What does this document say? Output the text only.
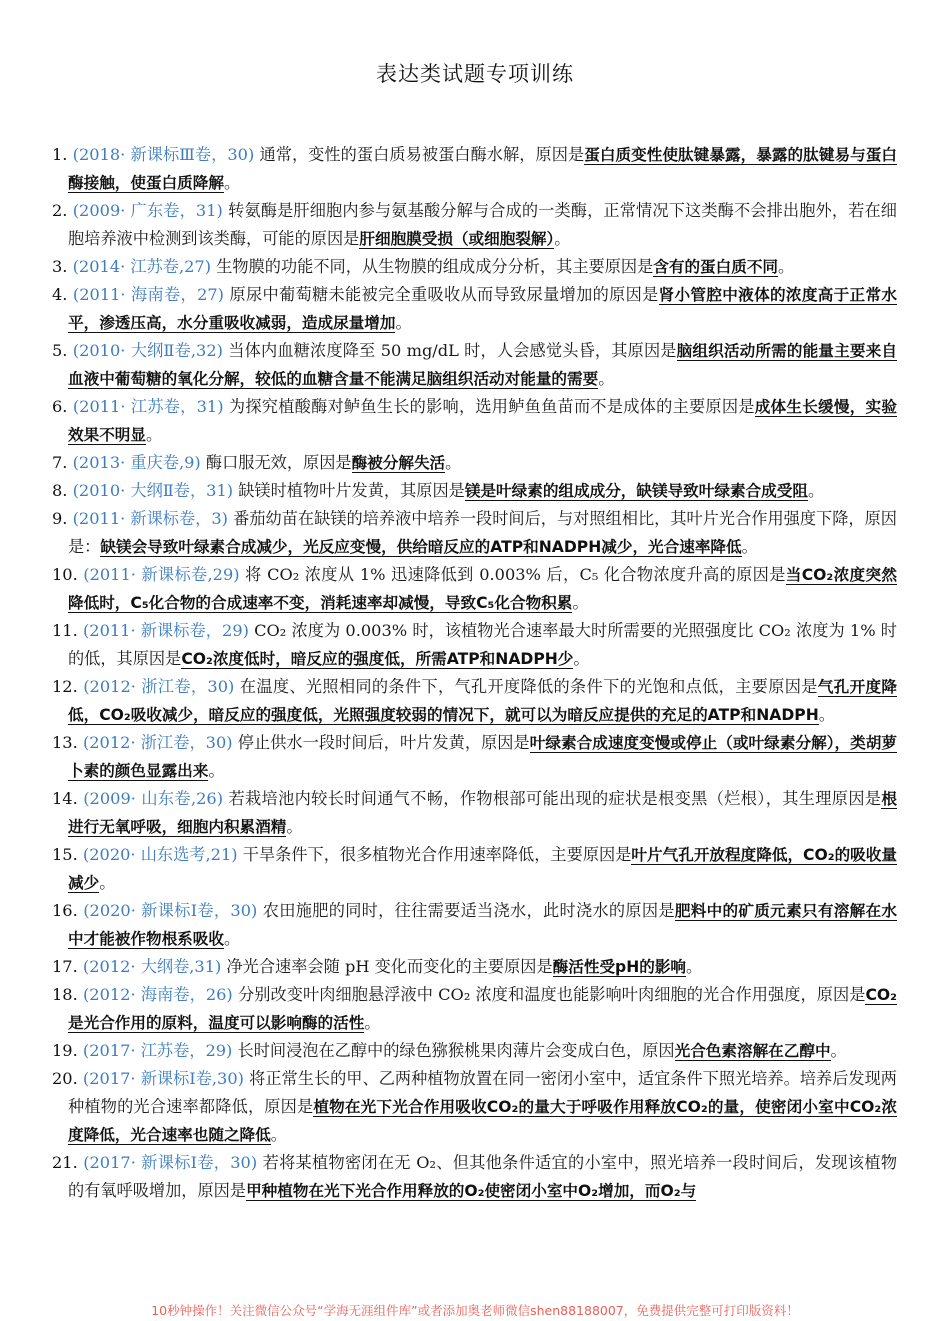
表达类试题专项训练
1. (2018· 新课标Ⅲ卷，30) 通常，变性的蛋白质易被蛋白酶水解，原因是蛋白质变性使肽键暴露，暴露的肽键易与蛋白酶接触，使蛋白质降解。
2. (2009· 广东卷，31) 转氨酶是肝细胞内参与氨基酸分解与合成的一类酶，正常情况下这类酶不会排出胞外，若在细胞培养液中检测到该类酶，可能的原因是肝细胞膜受损（或细胞裂解）。
3. (2014· 江苏卷,27) 生物膜的功能不同，从生物膜的组成成分分析，其主要原因是含有的蛋白质不同。
4. (2011· 海南卷，27) 原尿中葡萄糖未能被完全重吸收从而导致尿量增加的原因是肾小管腔中液体的浓度高于正常水平，渗透压高，水分重吸收减弱，造成尿量增加。
5. (2010· 大纲Ⅱ卷,32) 当体内血糖浓度降至 50 mg/dL 时，人会感觉头昏，其原因是脑组织活动所需的能量主要来自血液中葡萄糖的氧化分解，较低的血糖含量不能满足脑组织活动对能量的需要。
6. (2011· 江苏卷，31) 为探究植酸酶对鲈鱼生长的影响，选用鲈鱼鱼苗而不是成体的主要原因是成体生长缓慢，实验效果不明显。
7. (2013· 重庆卷,9) 酶口服无效，原因是酶被分解失活。
8. (2010· 大纲Ⅱ卷，31) 缺镁时植物叶片发黄，其原因是镁是叶绿素的组成成分，缺镁导致叶绿素合成受阻。
9. (2011· 新课标卷，3) 番茄幼苗在缺镁的培养液中培养一段时间后，与对照组相比，其叶片光合作用强度下降，原因是：缺镁会导致叶绿素合成减少，光反应变慢，供给暗反应的ATP和NADPH减少，光合速率降低。
10. (2011· 新课标卷,29) 将 CO₂ 浓度从 1% 迅速降低到 0.003% 后，C₅ 化合物浓度升高的原因是当CO₂浓度突然降低时，C₅化合物的合成速率不变，消耗速率却减慢，导致C₅化合物积累。
11. (2011· 新课标卷，29) CO₂ 浓度为 0.003% 时，该植物光合速率最大时所需要的光照强度比 CO₂ 浓度为 1% 时的低，其原因是CO₂浓度低时，暗反应的强度低，所需ATP和NADPH少。
12. (2012· 浙江卷，30) 在温度、光照相同的条件下，气孔开度降低的条件下的光饱和点低，主要原因是气孔开度降低，CO₂吸收减少，暗反应的强度低，光照强度较弱的情况下，就可以为暗反应提供的充足的ATP和NADPH。
13. (2012· 浙江卷，30) 停止供水一段时间后，叶片发黄，原因是叶绿素合成速度变慢或停止（或叶绿素分解），类胡萝卜素的颜色显露出来。
14. (2009· 山东卷,26) 若栽培池内较长时间通气不畅，作物根部可能出现的症状是根变黑（烂根），其生理原因是根进行无氧呼吸，细胞内积累酒精。
15. (2020· 山东选考,21) 干旱条件下，很多植物光合作用速率降低，主要原因是叶片气孔开放程度降低，CO₂的吸收量减少。
16. (2020· 新课标Ⅰ卷，30) 农田施肥的同时，往往需要适当浇水，此时浇水的原因是肥料中的矿质元素只有溶解在水中才能被作物根系吸收。
17. (2012· 大纲卷,31) 净光合速率会随 pH 变化而变化的主要原因是酶活性受pH的影响。
18. (2012· 海南卷，26) 分别改变叶肉细胞悬浮液中 CO₂ 浓度和温度也能影响叶肉细胞的光合作用强度，原因是CO₂是光合作用的原料，温度可以影响酶的活性。
19. (2017· 江苏卷，29) 长时间浸泡在乙醇中的绿色猕猴桃果肉薄片会变成白色，原因光合色素溶解在乙醇中。
20. (2017· 新课标Ⅰ卷,30) 将正常生长的甲、乙两种植物放置在同一密闭小室中，适宜条件下照光培养。培养后发现两种植物的光合速率都降低，原因是植物在光下光合作用吸收CO₂的量大于呼吸作用释放CO₂的量，使密闭小室中CO₂浓度降低，光合速率也随之降低。
21. (2017· 新课标Ⅰ卷，30) 若将某植物密闭在无 O₂、但其他条件适宜的小室中，照光培养一段时间后，发现该植物的有氧呼吸增加，原因是甲种植物在光下光合作用释放的O₂使密闭小室中O₂增加，而O₂与
10秒钟操作！关注微信公众号“学海无涯组件库”或者添加奥老师微信shen88188007，免费提供完整可打印版资料！
